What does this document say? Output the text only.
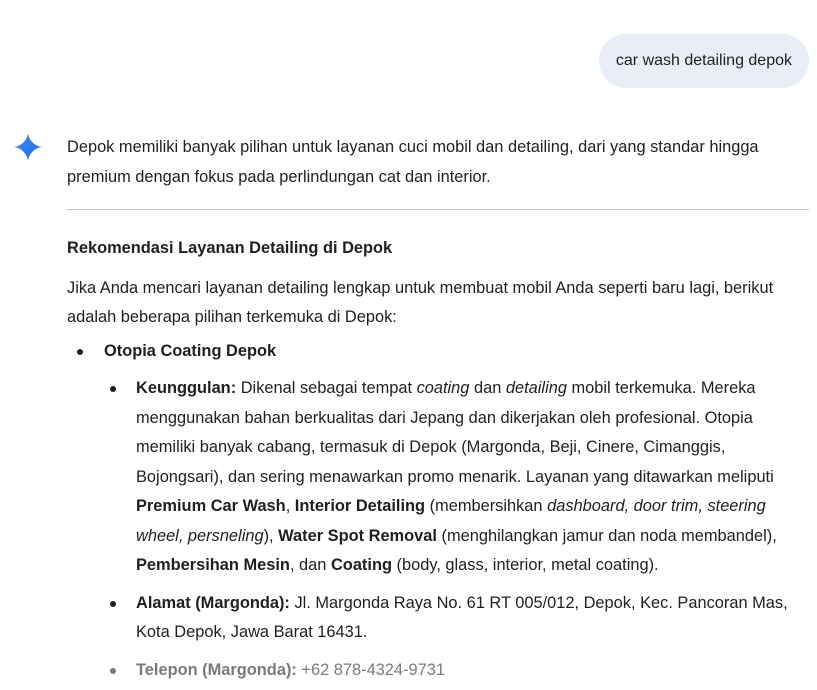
car wash detailing depok

Depok memiliki banyak pilihan untuk layanan cuci mobil dan detailing, dari yang standar hingga premium dengan fokus pada perlindungan cat dan interior.

Rekomendasi Layanan Detailing di Depok

Jika Anda mencari layanan detailing lengkap untuk membuat mobil Anda seperti baru lagi, berikut adalah beberapa pilihan terkemuka di Depok:

Otopia Coating Depok
Keunggulan: Dikenal sebagai tempat coating dan detailing mobil terkemuka. Mereka menggunakan bahan berkualitas dari Jepang dan dikerjakan oleh profesional. Otopia memiliki banyak cabang, termasuk di Depok (Margonda, Beji, Cinere, Cimanggis, Bojongsari), dan sering menawarkan promo menarik. Layanan yang ditawarkan meliputi Premium Car Wash, Interior Detailing (membersihkan dashboard, door trim, steering wheel, persneling), Water Spot Removal (menghilangkan jamur dan noda membandel), Pembersihan Mesin, dan Coating (body, glass, interior, metal coating).
Alamat (Margonda): Jl. Margonda Raya No. 61 RT 005/012, Depok, Kec. Pancoran Mas, Kota Depok, Jawa Barat 16431.
Telepon (Margonda): +62 878-4324-9731
